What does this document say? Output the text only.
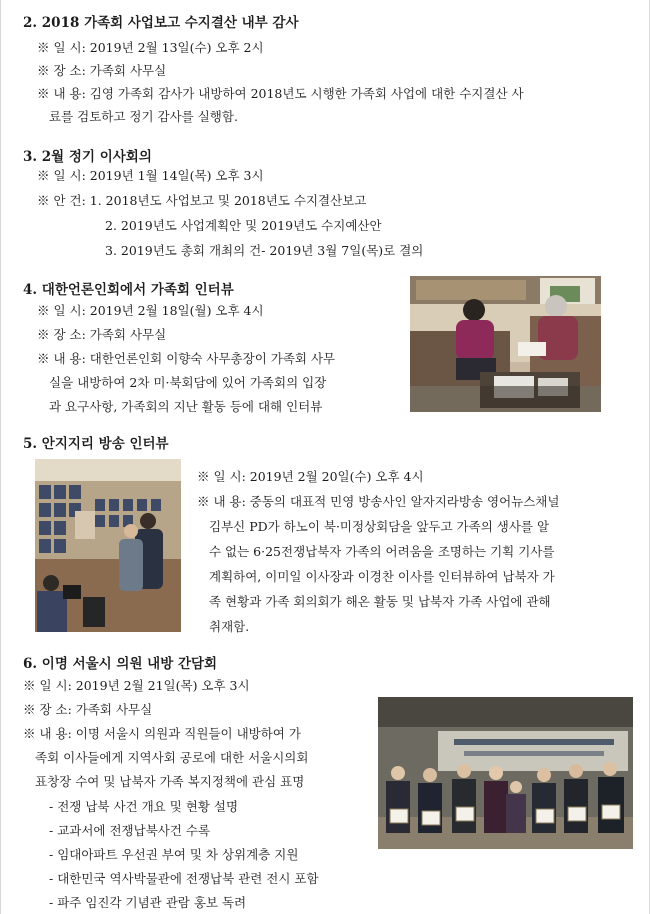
2. 2018 가족회 사업보고 수지결산 내부 감사
※ 일 시: 2019년 2월 13일(수) 오후 2시
※ 장 소: 가족회 사무실
※ 내 용: 김영 가족회 감사가 내방하여 2018년도 시행한 가족회 사업에 대한 수지결산 사
료를 검토하고 정기 감사를 실행함.
3. 2월 정기 이사회의
※ 일 시: 2019년 1월 14일(목) 오후 3시
※ 안 건: 1. 2018년도 사업보고 및 2018년도 수지결산보고
2. 2019년도 사업계획안 및 2019년도 수지예산안
3. 2019년도 총회 개최의 건- 2019년 3월 7일(목)로 결의
4. 대한언론인회에서 가족회 인터뷰
※ 일 시: 2019년 2월 18일(월) 오후 4시
※ 장 소: 가족회 사무실
※ 내 용: 대한언론인회 이향숙 사무총장이 가족회 사무
실을 내방하여 2차 미·북회담에 있어 가족회의 입장
과 요구사항, 가족회의 지난 활동 등에 대해 인터뷰
5. 안지지리 방송 인터뷰
※ 일 시: 2019년 2월 20일(수) 오후 4시
※ 내 용: 중동의 대표적 민영 방송사인 알자지라방송 영어뉴스채널
김부신 PD가 하노이 북·미정상회담을 앞두고 가족의 생사를 알
수 없는 6·25전쟁납북자 가족의 어려움을 조명하는 기획 기사를
계획하여, 이미일 이사장과 이경찬 이사를 인터뷰하여 납북자 가
족 현황과 가족 회의회가 해온 활동 및 납북자 가족 사업에 관해
취재함.
6. 이명 서울시 의원 내방 간담회
※ 일 시: 2019년 2월 21일(목) 오후 3시
※ 장 소: 가족회 사무실
※ 내 용: 이명 서울시 의원과 직원들이 내방하여 가
족회 이사들에게 지역사회 공로에 대한 서울시의회
표창장 수여 및 납북자 가족 복지정책에 관심 표명
- 전쟁 납북 사건 개요 및 현황 설명
- 교과서에 전쟁납북사건 수록
- 임대아파트 우선권 부여 및 차 상위계층 지원
- 대한민국 역사박물관에 전쟁납북 관련 전시 포함
- 파주 임진각 기념관 관람 홍보 독려
